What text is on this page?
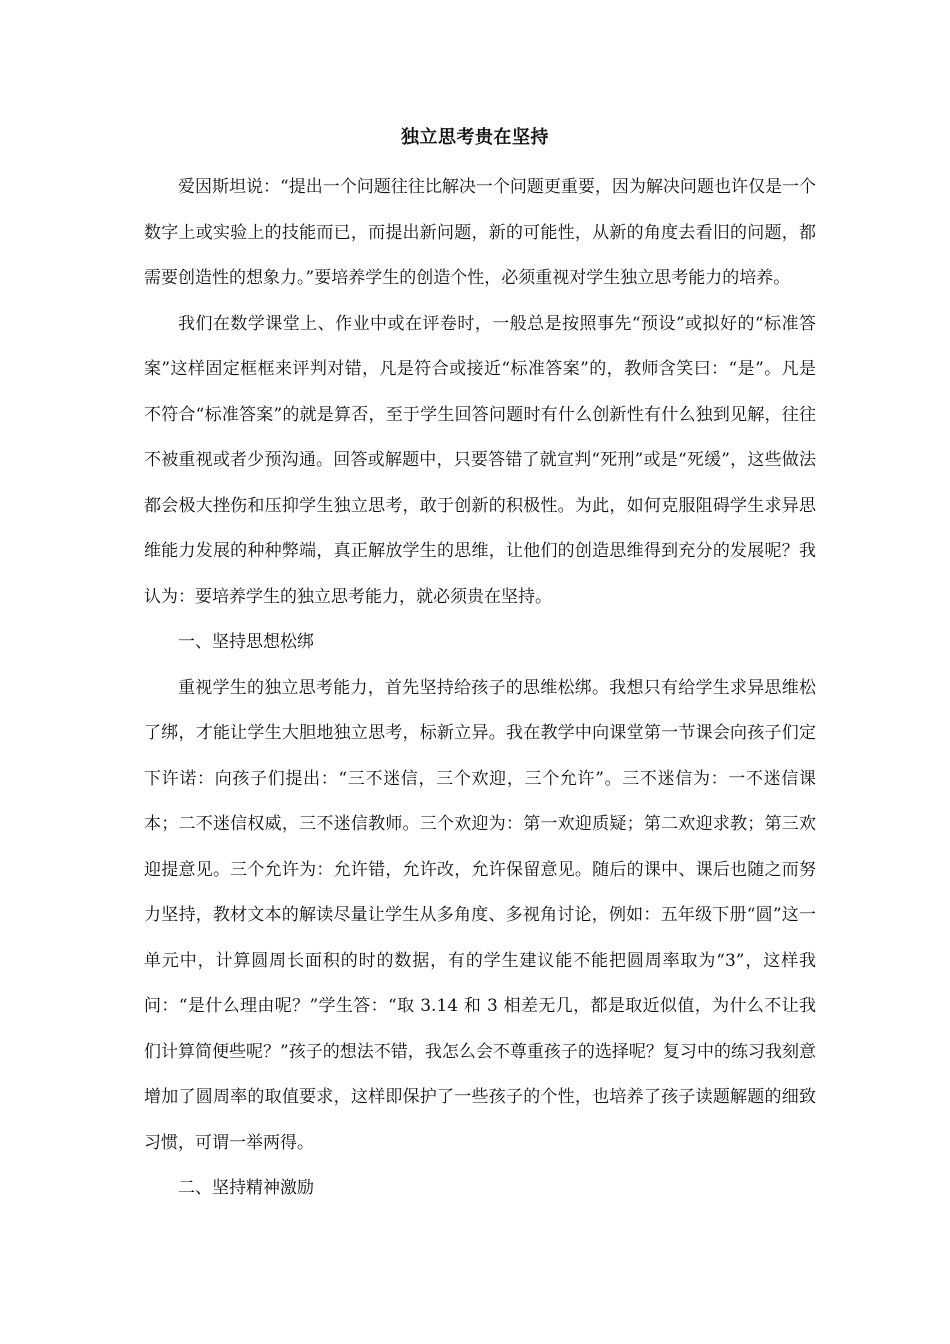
独立思考贵在坚持

爱因斯坦说：“提出一个问题往往比解决一个问题更重要，因为解决问题也许仅是一个数字上或实验上的技能而已，而提出新问题，新的可能性，从新的角度去看旧的问题，都需要创造性的想象力。”要培养学生的创造个性，必须重视对学生独立思考能力的培养。

我们在数学课堂上、作业中或在评卷时，一般总是按照事先“预设”或拟好的“标准答案”这样固定框框来评判对错，凡是符合或接近“标准答案”的，教师含笑曰：“是”。凡是不符合“标准答案”的就是算否，至于学生回答问题时有什么创新性有什么独到见解，往往不被重视或者少预沟通。回答或解题中，只要答错了就宣判“死刑”或是“死缓”，这些做法都会极大挫伤和压抑学生独立思考，敢于创新的积极性。为此，如何克服阻碍学生求异思维能力发展的种种弊端，真正解放学生的思维，让他们的创造思维得到充分的发展呢？我认为：要培养学生的独立思考能力，就必须贵在坚持。

一、坚持思想松绑

重视学生的独立思考能力，首先坚持给孩子的思维松绑。我想只有给学生求异思维松了绑，才能让学生大胆地独立思考，标新立异。我在教学中向课堂第一节课会向孩子们定下许诺：向孩子们提出：“三不迷信，三个欢迎，三个允许”。三不迷信为：一不迷信课本；二不迷信权威，三不迷信教师。三个欢迎为：第一欢迎质疑；第二欢迎求教；第三欢迎提意见。三个允许为：允许错，允许改，允许保留意见。随后的课中、课后也随之而努力坚持，教材文本的解读尽量让学生从多角度、多视角讨论，例如：五年级下册“圆”这一单元中，计算圆周长面积的时的数据，有的学生建议能不能把圆周率取为“3”，这样我问：“是什么理由呢？”学生答：“取 3.14 和 3 相差无几，都是取近似值，为什么不让我们计算简便些呢？”孩子的想法不错，我怎么会不尊重孩子的选择呢？复习中的练习我刻意增加了圆周率的取值要求，这样即保护了一些孩子的个性，也培养了孩子读题解题的细致习惯，可谓一举两得。

二、坚持精神激励
